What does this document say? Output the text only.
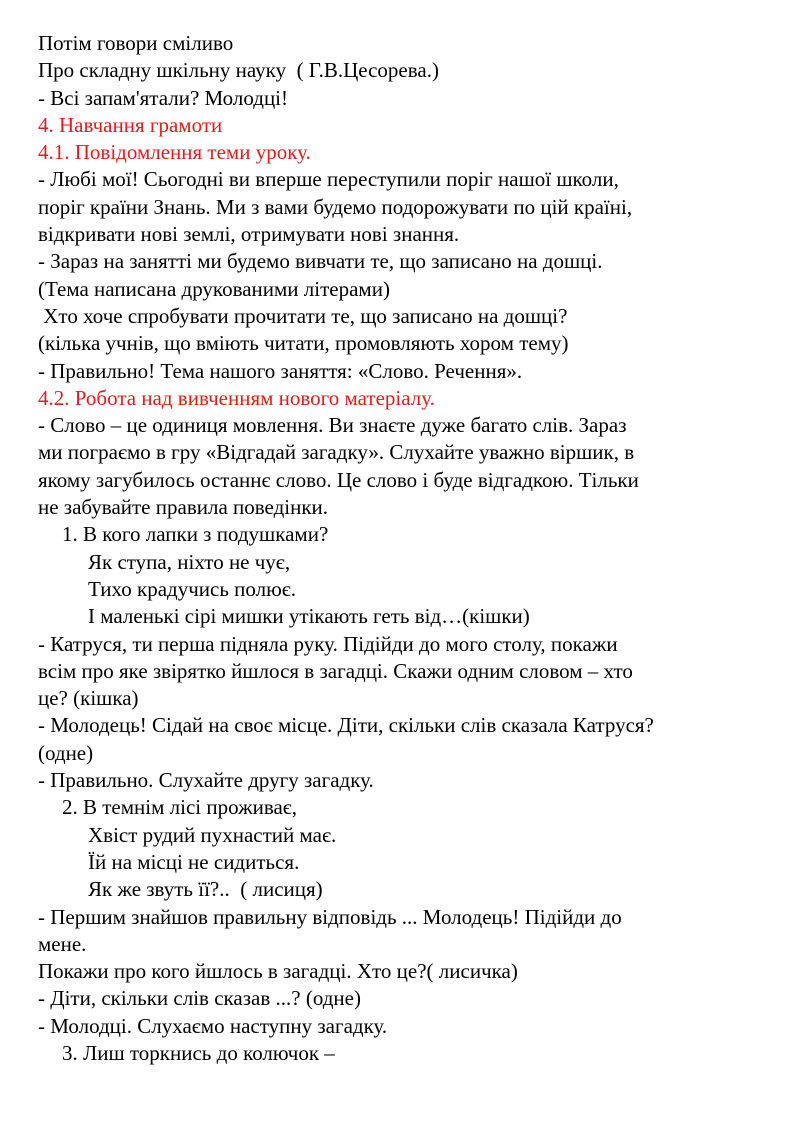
Потім говори сміливо
Про складну шкільну науку  ( Г.В.Цесорева.)
- Всі запам'ятали? Молодці!
4. Навчання грамоти
4.1. Повідомлення теми уроку.
- Любі мої! Сьогодні ви вперше переступили поріг нашої школи,
поріг країни Знань. Ми з вами будемо подорожувати по цій країні,
відкривати нові землі, отримувати нові знання.
- Зараз на занятті ми будемо вивчати те, що записано на дошці.
(Тема написана друкованими літерами)
Хто хоче спробувати прочитати те, що записано на дошці?
(кілька учнів, що вміють читати, промовляють хором тему)
- Правильно! Тема нашого заняття: «Слово. Речення».
4.2. Робота над вивченням нового матеріалу.
- Слово – це одиниця мовлення. Ви знаєте дуже багато слів. Зараз
ми пограємо в гру «Відгадай загадку». Слухайте уважно віршик, в
якому загубилось останнє слово. Це слово і буде відгадкою. Тільки
не забувайте правила поведінки.
1. В кого лапки з подушками?
Як ступа, ніхто не чує,
Тихо крадучись полює.
І маленькі сірі мишки утікають геть від…(кішки)
- Катруся, ти перша підняла руку. Підійди до мого столу, покажи
всім про яке звірятко йшлося в загадці. Скажи одним словом – хто
це? (кішка)
- Молодець! Сідай на своє місце. Діти, скільки слів сказала Катруся?
(одне)
- Правильно. Слухайте другу загадку.
2. В темнім лісі проживає,
Хвіст рудий пухнастий має.
Їй на місці не сидиться.
Як же звуть її?..  ( лисиця)
- Першим знайшов правильну відповідь ... Молодець! Підійди до
мене.
Покажи про кого йшлось в загадці. Хто це?( лисичка)
- Діти, скільки слів сказав ...? (одне)
- Молодці. Слухаємо наступну загадку.
3. Лиш торкнись до колючок –
